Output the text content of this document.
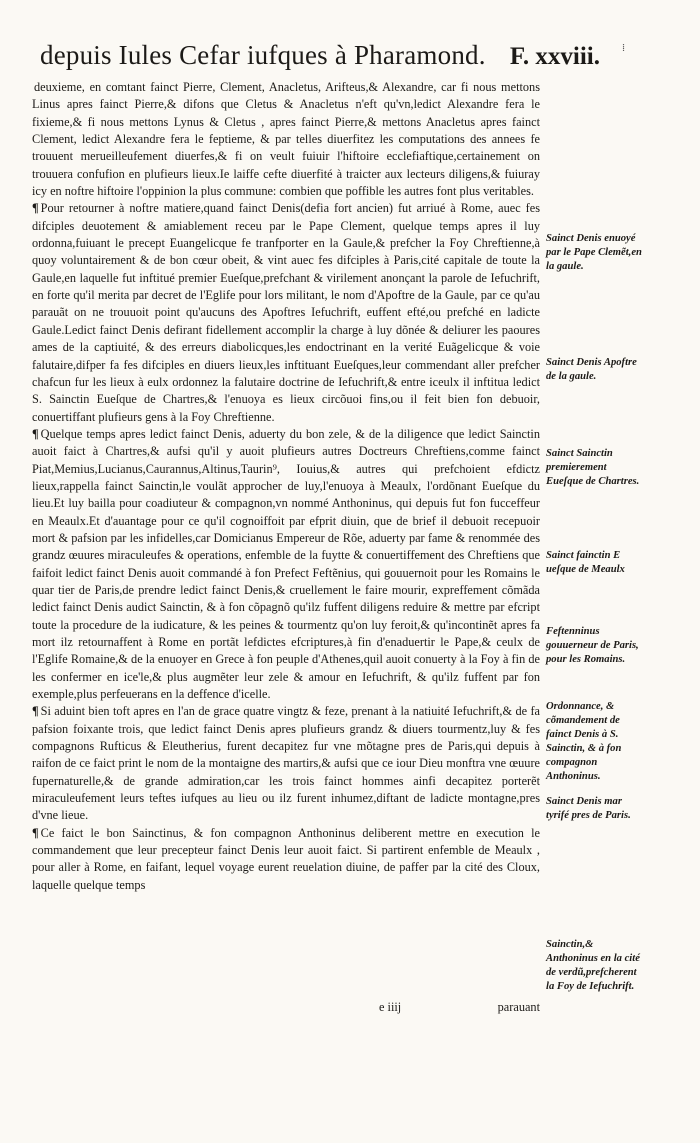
depuis Iules Cefar iufques à Pharamond. F. xxviii. ⁞

deuxieme, en comtant fainct Pierre, Clement, Anacletus, Arifteus,& Alexandre, car fi nous mettons Linus apres fainct Pierre,& difons que Cletus & Anacletus n'eft qu'vn,ledict Alexandre fera le fixieme,& fi nous mettons Lynus & Cletus , apres fainct Pierre,& mettons Anacletus apres fainct Clement, ledict Alexandre fera le feptieme, & par telles diuerfitez les computations des annees fe trouuent merueilleufement diuerfes,& fi on veult fuiuir l'hiftoire ecclefiaftique,certainement on trouuera confufion en plufieurs lieux.Ie laiffe cefte diuerfité à traicter aux lecteurs diligens,& fuiuray icy en noftre hiftoire l'oppinion la plus commune: combien que poffible les autres font plus veritables.

¶ Pour retourner à noftre matiere,quand fainct Denis(defia fort ancien) fut arriué à Rome, auec fes difciples deuotement & amiablement receu par le Pape Clement, quelque temps apres il luy ordonna,fuiuant le precept Euangelicque fe tranfporter en la Gaule,& prefcher la Foy Chreftienne,à quoy voluntairement & de bon cœur obeit, & vint auec fes difciples à Paris,cité capitale de toute la Gaule,en laquelle fut inftitué premier Eueſque,prefchant & virilement anonçant la parole de Iefuchrift, en forte qu'il merita par decret de l'Eglife pour lors militant, le nom d'Apoftre de la Gaule, par ce qu'au parauãt on ne trouuoit point qu'aucuns des Apoftres Iefuchrift, euffent efté,ou prefché en ladicte Gaule.Ledict fainct Denis defirant fidellement accomplir la charge à luy dõnée & deliurer les paoures ames de la captiuité, & des erreurs diabolicques,les endoctrinant en la verité Euãgelicque & voie falutaire,difper fa fes difciples en diuers lieux,les inftituant Eueſques,leur commendant aller prefcher chafcun fur les lieux à eulx ordonnez la falutaire doctrine de Iefuchrift,& entre iceulx il inftitua ledict S. Sainctin Eueſque de Chartres,& l'enuoya es lieux circõuoi fins,ou il feit bien fon debuoir, conuertiffant plufieurs gens à la Foy Chreftienne.

¶ Quelque temps apres ledict fainct Denis, aduerty du bon zele, & de la diligence que ledict Sainctin auoit faict à Chartres,& aufsi qu'il y auoit plufieurs autres Doctreurs Chreftiens,comme fainct Piat,Memius,Lucianus,Caurannus,Altinus,Taurin⁹, Iouius,& autres qui prefchoient efdictz lieux,rappella fainct Sainctin,le voulãt approcher de luy,l'enuoya à Meaulx, l'ordõnant Eueſque du lieu.Et luy bailla pour coadiuteur & compagnon,vn nommé Anthoninus, qui depuis fut fon fucceffeur en Meaulx.Et d'auantage pour ce qu'il cognoiffoit par efprit diuin, que de brief il debuoit recepuoir mort & pafsion par les infidelles,car Domicianus Empereur de Rõe, aduerty par fame & renommée des grandz œuures miraculeufes & operations, enfemble de la fuytte & conuertiffement des Chreftiens que faifoit ledict fainct Denis auoit commandé à fon Prefect Feftẽnius, qui gouuernoit pour les Romains le quar tier de Paris,de prendre ledict fainct Denis,& cruellement le faire mourir, expreffement cõmãda ledict fainct Denis audict Sainctin, & à fon cõpagnõ qu'ilz fuffent diligens reduire & mettre par efcript toute la procedure de la iudicature, & les peines & tourmentz qu'on luy feroit,& qu'incontinẽt apres fa mort ilz retournaffent à Rome en portãt lefdictes efcriptures,à fin d'enaduertir le Pape,& ceulx de l'Eglife Romaine,& de la enuoyer en Grece à fon peuple d'Athenes,quil auoit conuerty à la Foy à fin de les confermer en ice'le,& plus augmẽter leur zele & amour en Iefuchrift, & qu'ilz fuffent par fon exemple,plus perfeuerans en la deffence d'icelle.

¶ Si aduint bien toft apres en l'an de grace quatre vingtz & feze, prenant à la natiuité Iefuchrift,& de fa pafsion foixante trois, que ledict fainct Denis apres plufieurs grandz & diuers tourmentz,luy & fes compagnons Rufticus & Eleutherius, furent decapitez fur vne mõtagne pres de Paris,qui depuis à raifon de ce faict print le nom de la montaigne des martirs,& aufsi que ce iour Dieu monftra vne œuure fupernaturelle,& de grande admiration,car les trois fainct hommes ainfi decapitez porterẽt miraculeufement leurs teftes iufques au lieu ou ilz furent inhumez,diftant de ladicte montagne,pres d'vne lieue.

¶ Ce faict le bon Sainctinus, & fon compagnon Anthoninus deliberent mettre en execution le commandement que leur precepteur fainct Denis leur auoit faict. Si partirent enfemble de Meaulx , pour aller à Rome, en faifant, lequel voyage eurent reuelation diuine, de paffer par la cité des Cloux, laquelle quelque temps

Sainct Denis enuoyé par le Pape Clemẽt,en la gaule.
Sainct Denis Apoftre de la gaule.
Sainct Sainctin premierement Eueſque de Chartres.
Sainct fainctin E ueſque de Meaulx
Feftenninus gouuerneur de Paris, pour les Romains.
Ordonnance, & cõmandement de fainct Denis à S. Sainctin, & à fon compagnon Anthoninus.
Sainct Denis mar tyrifé pres de Paris.
Sainctin,& Anthoninus en la cité de verdũ,prefcherent la Foy de Iefuchrift.
e iiij	parauant
